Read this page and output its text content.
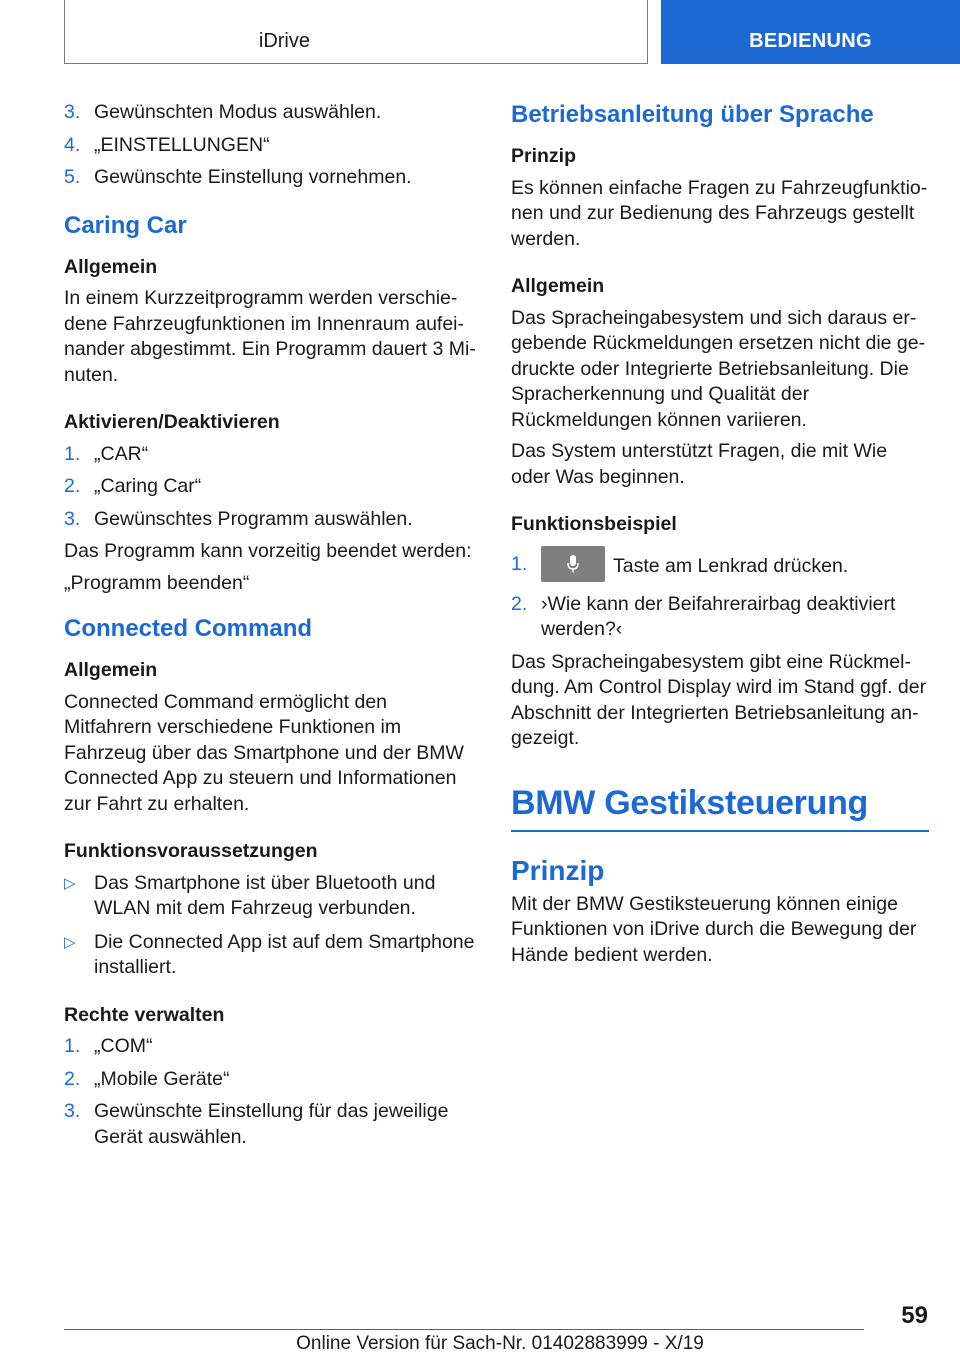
iDrive	BEDIENUNG
3. Gewünschten Modus auswählen.
4. „EINSTELLUNGEN“
5. Gewünschte Einstellung vornehmen.
Caring Car
Allgemein

In einem Kurzzeitprogramm werden verschiedene Fahrzeugfunktionen im Innenraum aufeinander abgestimmt. Ein Programm dauert 3 Minuten.

Aktivieren/Deaktivieren
1. „CAR“
2. „Caring Car“
3. Gewünschtes Programm auswählen.

Das Programm kann vorzeitig beendet werden:

„Programm beenden“

Connected Command
Allgemein

Connected Command ermöglicht den Mitfahrern verschiedene Funktionen im Fahrzeug über das Smartphone und der BMW Connected App zu steuern und Informationen zur Fahrt zu erhalten.

Funktionsvoraussetzungen
▷ Das Smartphone ist über Bluetooth und WLAN mit dem Fahrzeug verbunden.
▷ Die Connected App ist auf dem Smartphone installiert.
Rechte verwalten
1. „COM“
2. „Mobile Geräte“
3. Gewünschte Einstellung für das jeweilige Gerät auswählen.
Betriebsanleitung über Sprache
Prinzip

Es können einfache Fragen zu Fahrzeugfunktionen und zur Bedienung des Fahrzeugs gestellt werden.

Allgemein

Das Spracheingabesystem und sich daraus ergebende Rückmeldungen ersetzen nicht die gedruckte oder Integrierte Betriebsanleitung. Die Spracherkennung und Qualität der Rückmeldungen können variieren.

Das System unterstützt Fragen, die mit Wie oder Was beginnen.

Funktionsbeispiel
1.	Taste am Lenkrad drücken.
2. ›Wie kann der Beifahrerairbag deaktiviert werden?‹

Das Spracheingabesystem gibt eine Rückmeldung. Am Control Display wird im Stand ggf. der Abschnitt der Integrierten Betriebsanleitung angezeigt.

BMW Gestiksteuerung
Prinzip

Mit der BMW Gestiksteuerung können einige Funktionen von iDrive durch die Bewegung der Hände bedient werden.

59
Online Version für Sach-Nr. 01402883999 - X/19
